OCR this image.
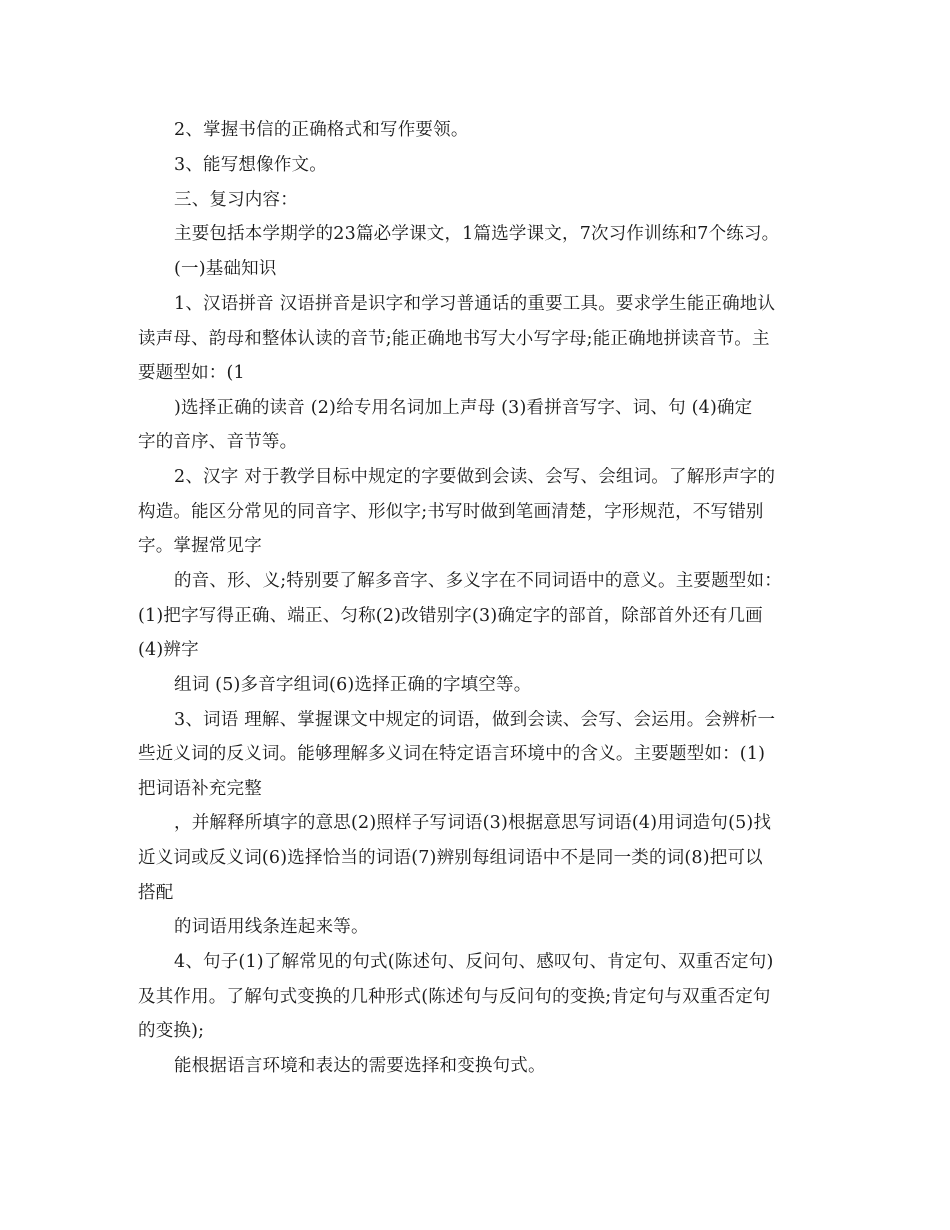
2、掌握书信的正确格式和写作要领。
3、能写想像作文。
三、复习内容：
主要包括本学期学的23篇必学课文，1篇选学课文，7次习作训练和7个练习。
(一)基础知识
1、汉语拼音 汉语拼音是识字和学习普通话的重要工具。要求学生能正确地认
读声母、韵母和整体认读的音节;能正确地书写大小写字母;能正确地拼读音节。主
要题型如：(1
)选择正确的读音 (2)给专用名词加上声母 (3)看拼音写字、词、句 (4)确定
字的音序、音节等。
2、汉字 对于教学目标中规定的字要做到会读、会写、会组词。了解形声字的
构造。能区分常见的同音字、形似字;书写时做到笔画清楚，字形规范，不写错别
字。掌握常见字
的音、形、义;特别要了解多音字、多义字在不同词语中的意义。主要题型如：
(1)把字写得正确、端正、匀称(2)改错别字(3)确定字的部首，除部首外还有几画
(4)辨字
组词 (5)多音字组词(6)选择正确的字填空等。
3、词语 理解、掌握课文中规定的词语，做到会读、会写、会运用。会辨析一
些近义词的反义词。能够理解多义词在特定语言环境中的含义。主要题型如：(1)
把词语补充完整
，并解释所填字的意思(2)照样子写词语(3)根据意思写词语(4)用词造句(5)找
近义词或反义词(6)选择恰当的词语(7)辨别每组词语中不是同一类的词(8)把可以
搭配
的词语用线条连起来等。
4、句子(1)了解常见的句式(陈述句、反问句、感叹句、肯定句、双重否定句)
及其作用。了解句式变换的几种形式(陈述句与反问句的变换;肯定句与双重否定句
的变换);
能根据语言环境和表达的需要选择和变换句式。
